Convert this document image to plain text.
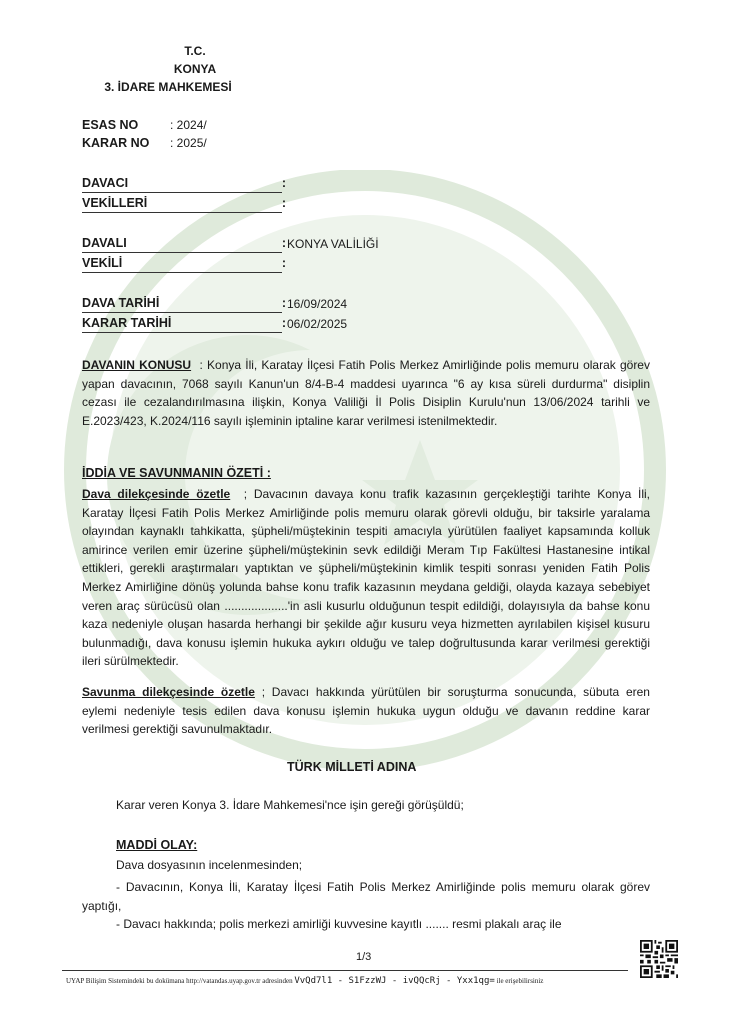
T.C.
KONYA
3. İDARE MAHKEMESİ
ESAS NO	: 2024/
KARAR NO : 2025/
DAVACI	:
VEKİLLERİ	:
DAVALI	: KONYA VALİLİĞİ
VEKİLİ	:
DAVA TARİHİ	: 16/09/2024
KARAR TARİHİ	: 06/02/2025
DAVANIN KONUSU : Konya İli, Karatay İlçesi Fatih Polis Merkez Amirliğinde polis memuru olarak görev yapan davacının, 7068 sayılı Kanun'un 8/4-B-4 maddesi uyarınca "6 ay kısa süreli durdurma" disiplin cezası ile cezalandırılmasına ilişkin, Konya Valiliği İl Polis Disiplin Kurulu'nun 13/06/2024 tarihli ve E.2023/423, K.2024/116 sayılı işleminin iptaline karar verilmesi istenilmektedir.
İDDİA VE SAVUNMANIN ÖZETİ :
Dava dilekçesinde özetle ; Davacının davaya konu trafik kazasının gerçekleştiği tarihte Konya İli, Karatay İlçesi Fatih Polis Merkez Amirliğinde polis memuru olarak görevli olduğu, bir taksirle yaralama olayından kaynaklı tahkikatta, şüpheli/müştekinin tespiti amacıyla yürütülen faaliyet kapsamında kolluk amirince verilen emir üzerine şüpheli/müştekinin sevk edildiği Meram Tıp Fakültesi Hastanesine intikal ettikleri, gerekli araştırmaları yaptıktan ve şüpheli/müştekinin kimlik tespiti sonrası yeniden Fatih Polis Merkez Amirliğine dönüş yolunda bahse konu trafik kazasının meydana geldiği, olayda kazaya sebebiyet veren araç sürücüsü olan ...................'in asli kusurlu olduğunun tespit edildiği, dolayısıyla da bahse konu kaza nedeniyle oluşan hasarda herhangi bir şekilde ağır kusuru veya hizmetten ayrılabilen kişisel kusuru bulunmadığı, dava konusu işlemin hukuka aykırı olduğu ve talep doğrultusunda karar verilmesi gerektiği ileri sürülmektedir.
Savunma dilekçesinde özetle ; Davacı hakkında yürütülen bir soruşturma sonucunda, sübuta eren eylemi nedeniyle tesis edilen dava konusu işlemin hukuka uygun olduğu ve davanın reddine karar verilmesi gerektiği savunulmaktadır.
TÜRK MİLLETİ ADINA
Karar veren Konya 3. İdare Mahkemesi'nce işin gereği görüşüldü;
MADDİ OLAY:
Dava dosyasının incelenmesinden;
- Davacının, Konya İli, Karatay İlçesi Fatih Polis Merkez Amirliğinde polis memuru olarak görev yaptığı,
- Davacı hakkında; polis merkezi amirliği kuvvesine kayıtlı ....... resmi plakalı araç ile
1/3
UYAP Bilişim Sistemindeki bu dokümana http://vatandas.uyap.gov.tr adresinden VvQd7l1 - S1FzzWJ - ivQQcRj - Yxx1qg= ile erişebilirsiniz
